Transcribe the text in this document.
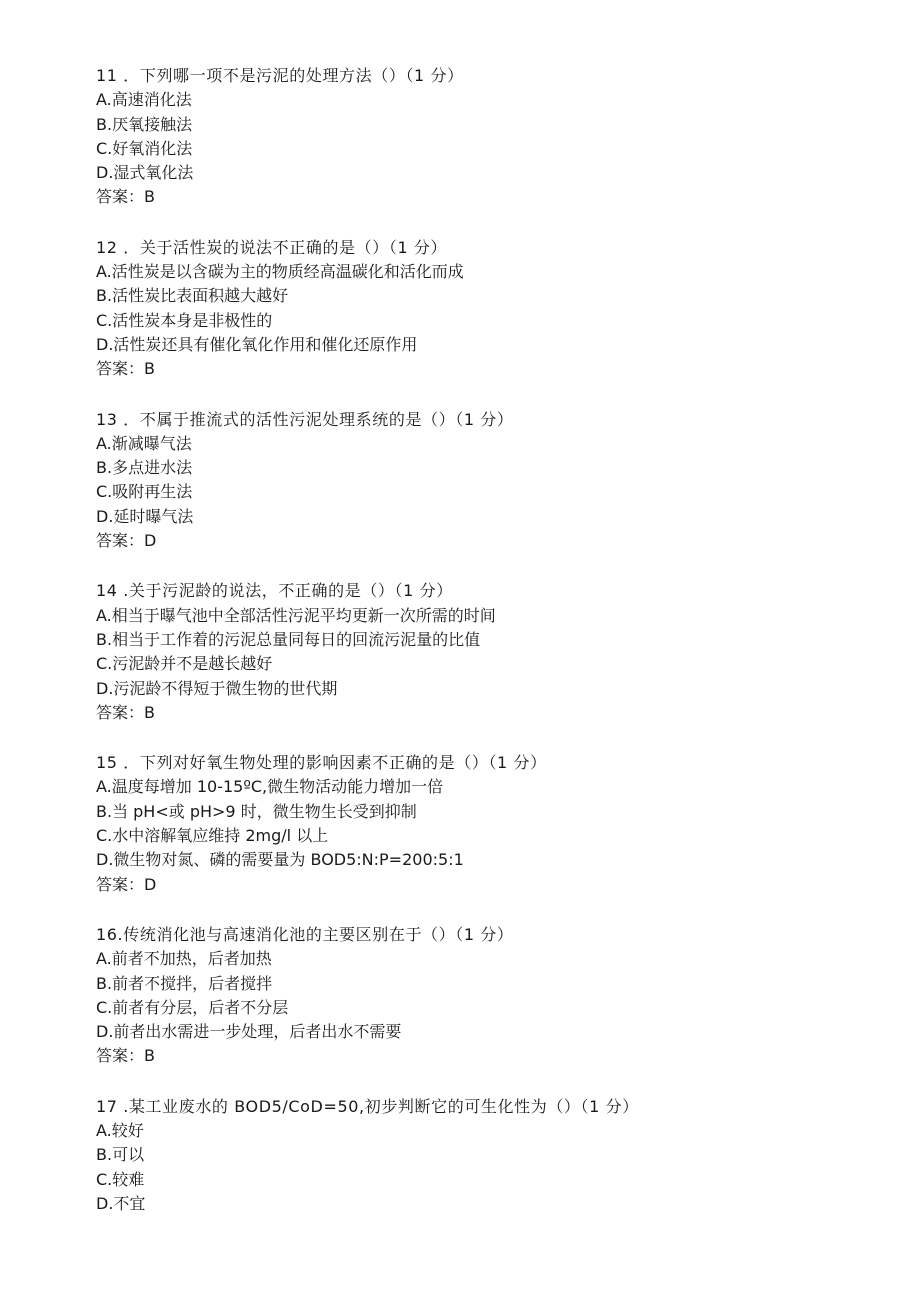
11 ．下列哪一项不是污泥的处理方法（）（1 分）
A.高速消化法
B.厌氧接触法
C.好氧消化法
D.湿式氧化法
答案：B
12 ．关于活性炭的说法不正确的是（）（1 分）
A.活性炭是以含碳为主的物质经高温碳化和活化而成
B.活性炭比表面积越大越好
C.活性炭本身是非极性的
D.活性炭还具有催化氧化作用和催化还原作用
答案：B
13 ．不属于推流式的活性污泥处理系统的是（）（1 分）
A.渐减曝气法
B.多点进水法
C.吸附再生法
D.延时曝气法
答案：D
14 .关于污泥龄的说法，不正确的是（）（1 分）
A.相当于曝气池中全部活性污泥平均更新一次所需的时间
B.相当于工作着的污泥总量同每日的回流污泥量的比值
C.污泥龄并不是越长越好
D.污泥龄不得短于微生物的世代期
答案：B
15 ．下列对好氧生物处理的影响因素不正确的是（）（1 分）
A.温度每增加 10-15ºC,微生物活动能力增加一倍
B.当 pH<或 pH>9 时，微生物生长受到抑制
C.水中溶解氧应维持 2mg∕l 以上
D.微生物对氮、磷的需要量为 BOD5:N:P=200:5:1
答案：D
16.传统消化池与高速消化池的主要区别在于（）（1 分）
A.前者不加热，后者加热
B.前者不搅拌，后者搅拌
C.前者有分层，后者不分层
D.前者出水需进一步处理，后者出水不需要
答案：B
17 .某工业废水的 BOD5∕CoD=50,初步判断它的可生化性为（）（1 分）
A.较好
B.可以
C.较难
D.不宜
